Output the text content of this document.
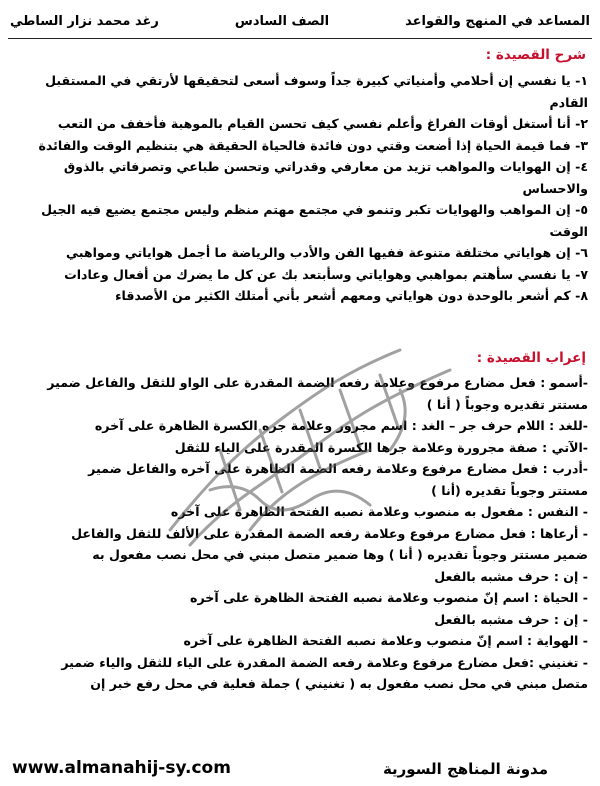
المساعد في المنهج والقواعد
الصف السادس
رغد محمد نزار الساطي
شرح القصيدة :
١- يا نفسي إن أحلامي وأمنياتي كبيرة جداً وسوف أسعى لتحقيقها لأرتقي في المستقبل
القادم
٢- أنا أستغل أوقات الفراغ وأعلم نفسي كيف تحسن القيام بالموهبة فأخفف من التعب
٣- فما قيمة الحياة إذا أضعت وقتي دون فائدة فالحياة الحقيقة هي بتنظيم الوقت والفائدة
٤- إن الهوايات والمواهب تزيد من معارفي وقدراتي وتحسن طباعي وتصرفاتي بالذوق
والاحساس
٥- إن المواهب والهوايات تكبر وتنمو في مجتمع مهتم منظم وليس مجتمع يضيع فيه الجيل
الوقت
٦- إن هواياتي مختلفة متنوعة ففيها الفن والأدب والرياضة ما أجمل هواياتي ومواهبي
٧- يا نفسي سأهتم بمواهبي وهواياتي وسأبتعد بك عن كل ما يضرك من أفعال وعادات
٨- كم أشعر بالوحدة دون هواياتي ومعهم أشعر بأني أمتلك الكثير من الأصدقاء
إعراب القصيدة :
-أسمو : فعل مضارع مرفوع وعلامة رفعه الضمة المقدرة على الواو للثقل والفاعل ضمير
مستتر تقديره وجوباً ( أنا )
-للغد : اللام حرف جر – الغد : اسم مجرور وعلامة جره الكسرة الظاهرة على آخره
-الآتي : صفة مجرورة وعلامة جرها الكسرة المقدرة على الياء للثقل
-أدرب : فعل مضارع مرفوع وعلامة رفعه الضمة الظاهرة على آخره والفاعل ضمير
مستتر وجوباً تقديره (أنا )
- النفس : مفعول به منصوب وعلامة نصبه الفتحة الظاهرة على آخره
- أرعاها : فعل مضارع مرفوع وعلامة رفعه الضمة المقدرة على الألف للثقل والفاعل
ضمير مستتر وجوباً تقديره ( أنا ) وها ضمير متصل مبني في محل نصب مفعول به
- إن : حرف مشبه بالفعل
- الحياة : اسم إنّ منصوب وعلامة نصبه الفتحة الظاهرة على آخره
- إن : حرف مشبه بالفعل
- الهواية : اسم إنّ منصوب وعلامة نصبه الفتحة الظاهرة على آخره
- تغنيني :فعل مضارع مرفوع وعلامة رفعه الضمة المقدرة على الياء للثقل والياء ضمير
متصل مبني في محل نصب مفعول به ( تغنيني ) جملة فعلية في محل رفع خبر إن
www.almanahij-sy.com	مدونة المناهج السورية
